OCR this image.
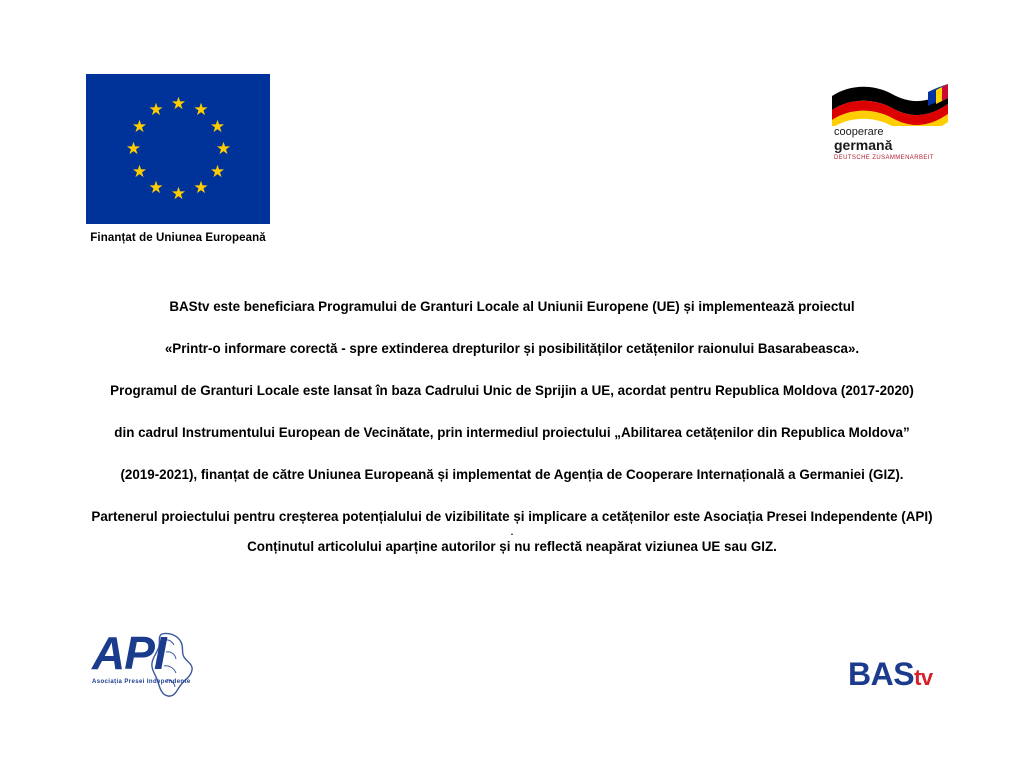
★ ★
★
★
★
★
★
★
★
★
★
★
Finanțat de Uniunea Europeană
cooperare
germană
DEUTSCHE ZUSAMMENARBEIT

BAStv este beneficiara Programului de Granturi Locale al Uniunii Europene (UE) și implementează proiectul

«Printr-o informare corectă - spre extinderea drepturilor și posibilităților cetățenilor raionului Basarabeasca».

Programul de Granturi Locale este lansat în baza Cadrului Unic de Sprijin a UE, acordat pentru Republica Moldova (2017-2020)

din cadrul Instrumentului European de Vecinătate, prin intermediul proiectului „Abilitarea cetățenilor din Republica Moldova”

(2019-2021), finanțat de către Uniunea Europeană și implementat de Agenția de Cooperare Internațională a Germaniei (GIZ).

Partenerul proiectului pentru creșterea potențialului de vizibilitate și implicare a cetățenilor este Asociația Presei Independente (API)

.

Conținutul articolului aparține autorilor și nu reflectă neapărat viziunea UE sau GIZ.

API
Asociația Presei Independente	BAStv
